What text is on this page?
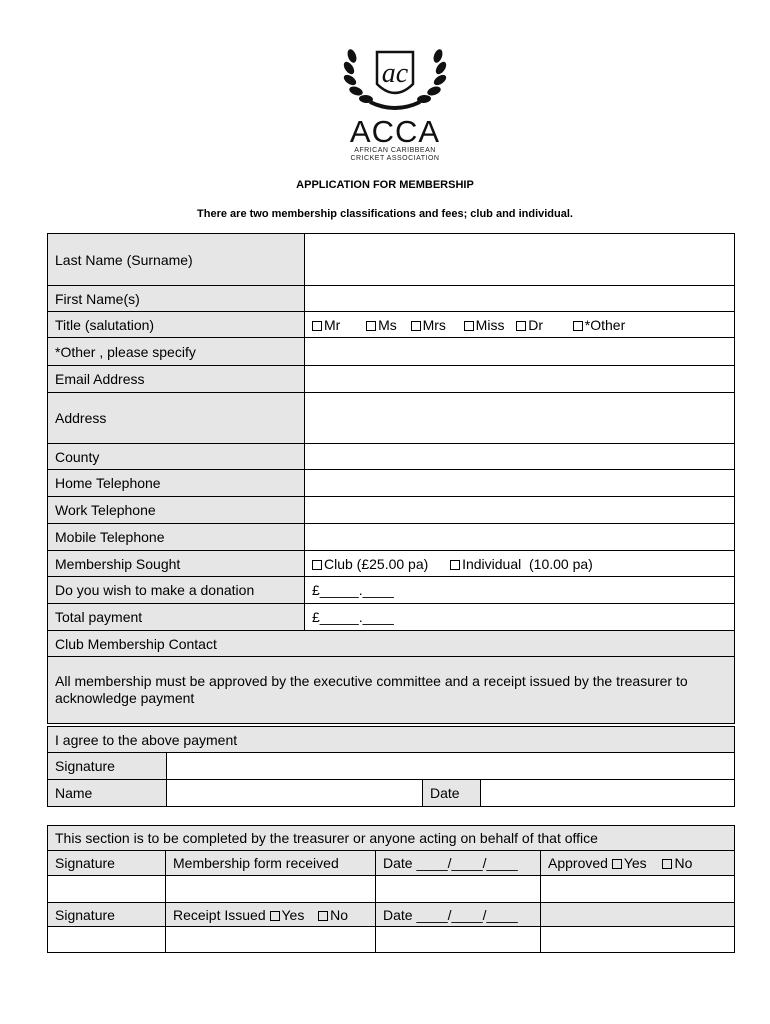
ac
ACCA
AFRICAN CARIBBEAN
CRICKET ASSOCIATION
APPLICATION FOR MEMBERSHIP
There are two membership classifications and fees; club and individual.
Last Name (Surname)	
First Name(s)	
Title (salutation)	Mr Ms Mrs Miss Dr *Other
*Other , please specify	
Email Address	
Address	
County	
Home Telephone	
Work Telephone	
Mobile Telephone	
Membership Sought	Club (£25.00 pa) Individual  (10.00 pa)
Do you wish to make a donation	£_____.____
Total payment	£_____.____
Club Membership Contact	
All membership must be approved by the executive committee and a receipt issued by the treasurer to acknowledge payment	
I agree to the above payment			
Signature			
Name		Date	
This section is to be completed by the treasurer or anyone acting on behalf of that office			
Signature	Membership form received	Date ____/____/____	Approved Yes No

Signature	Receipt Issued Yes No	Date ____/____/____	
